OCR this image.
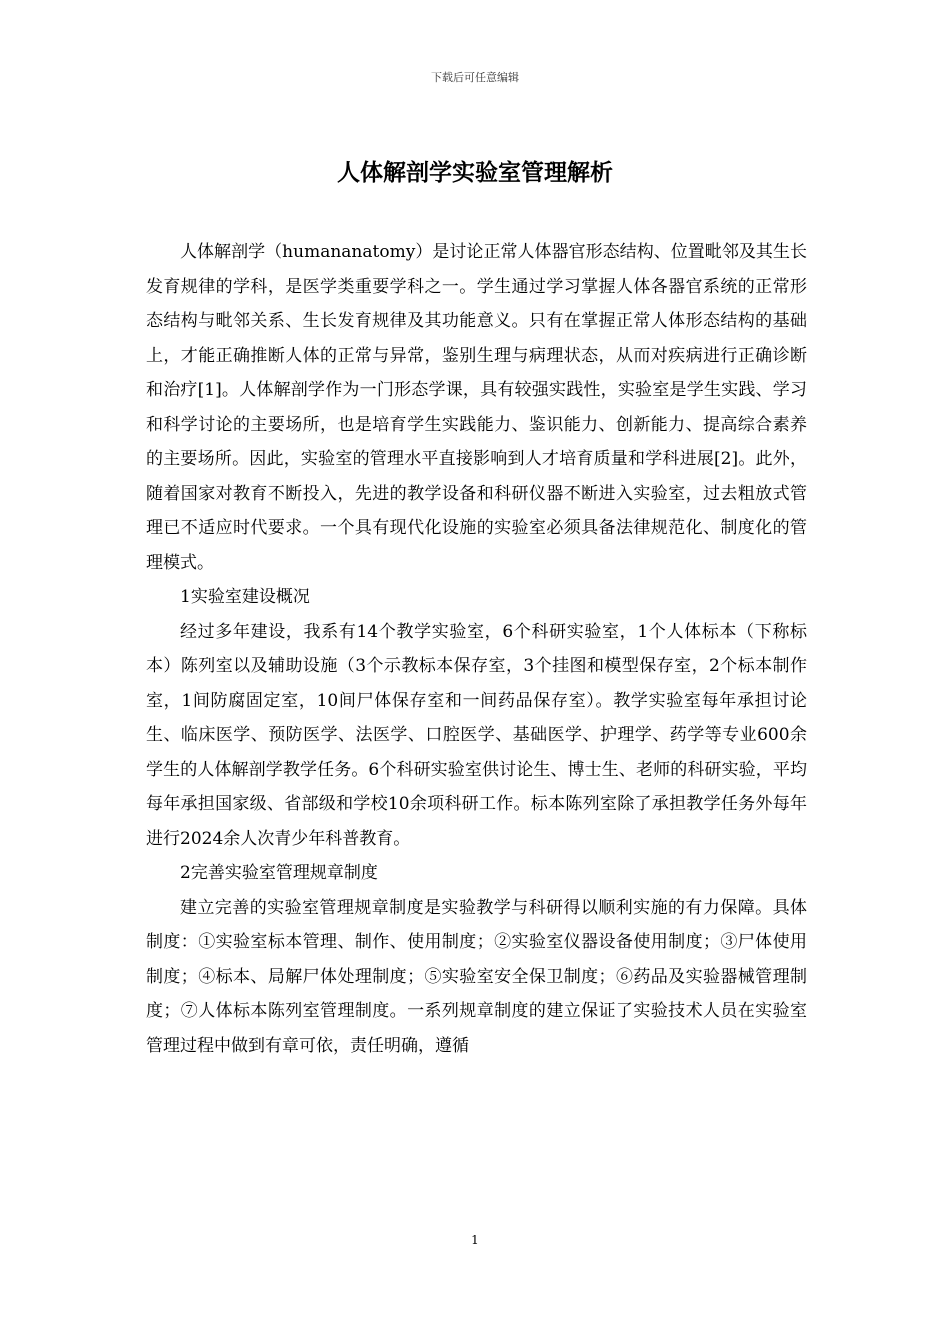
下载后可任意编辑
人体解剖学实验室管理解析

人体解剖学（humananatomy）是讨论正常人体器官形态结构、位置毗邻及其生长发育规律的学科，是医学类重要学科之一。学生通过学习掌握人体各器官系统的正常形态结构与毗邻关系、生长发育规律及其功能意义。只有在掌握正常人体形态结构的基础上，才能正确推断人体的正常与异常，鉴别生理与病理状态，从而对疾病进行正确诊断和治疗[1]。人体解剖学作为一门形态学课，具有较强实践性，实验室是学生实践、学习和科学讨论的主要场所，也是培育学生实践能力、鉴识能力、创新能力、提高综合素养的主要场所。因此，实验室的管理水平直接影响到人才培育质量和学科进展[2]。此外，随着国家对教育不断投入，先进的教学设备和科研仪器不断进入实验室，过去粗放式管理已不适应时代要求。一个具有现代化设施的实验室必须具备法律规范化、制度化的管理模式。

1实验室建设概况

经过多年建设，我系有14个教学实验室，6个科研实验室，1个人体标本（下称标本）陈列室以及辅助设施（3个示教标本保存室，3个挂图和模型保存室，2个标本制作室，1间防腐固定室，10间尸体保存室和一间药品保存室）。教学实验室每年承担讨论生、临床医学、预防医学、法医学、口腔医学、基础医学、护理学、药学等专业600余学生的人体解剖学教学任务。6个科研实验室供讨论生、博士生、老师的科研实验，平均每年承担国家级、省部级和学校10余项科研工作。标本陈列室除了承担教学任务外每年进行2024余人次青少年科普教育。

2完善实验室管理规章制度

建立完善的实验室管理规章制度是实验教学与科研得以顺利实施的有力保障。具体制度：①实验室标本管理、制作、使用制度；②实验室仪器设备使用制度；③尸体使用制度；④标本、局解尸体处理制度；⑤实验室安全保卫制度；⑥药品及实验器械管理制度；⑦人体标本陈列室管理制度。一系列规章制度的建立保证了实验技术人员在实验室管理过程中做到有章可依，责任明确，遵循

1
